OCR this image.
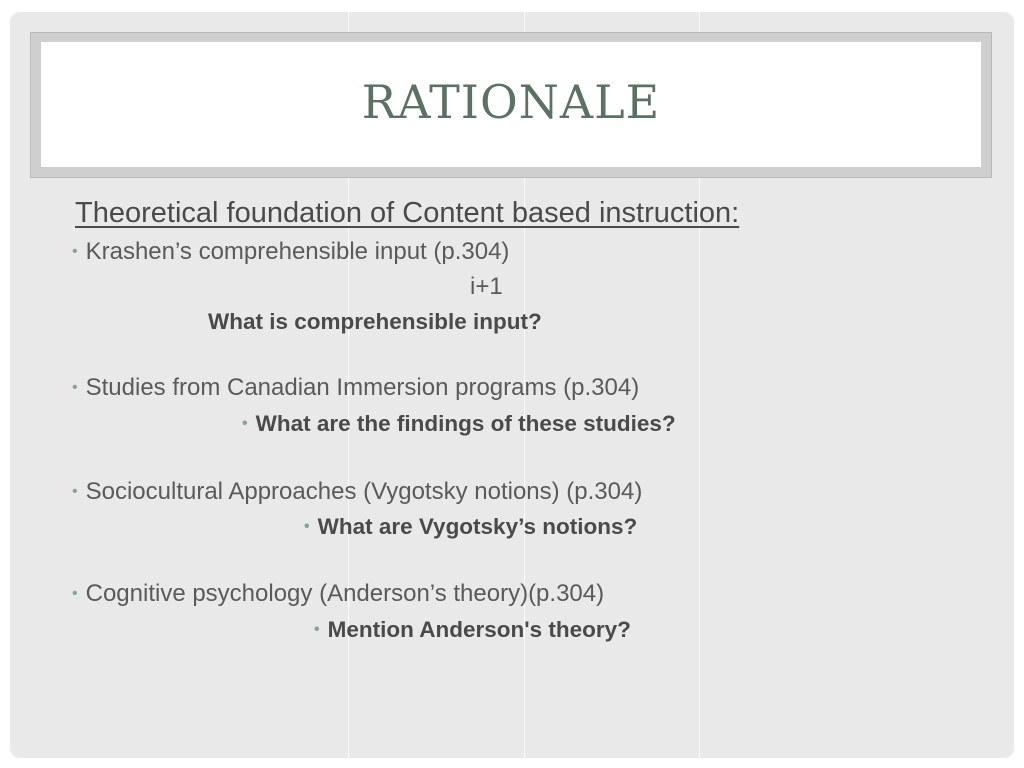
RATIONALE
Theoretical foundation of Content based instruction:
• Krashen’s comprehensible input (p.304)
i+1
What is comprehensible input?
• Studies from Canadian Immersion programs (p.304)
• What are the findings of these studies?
• Sociocultural Approaches (Vygotsky notions) (p.304)
• What are Vygotsky’s notions?
• Cognitive psychology (Anderson’s theory)(p.304)
• Mention Anderson's theory?
